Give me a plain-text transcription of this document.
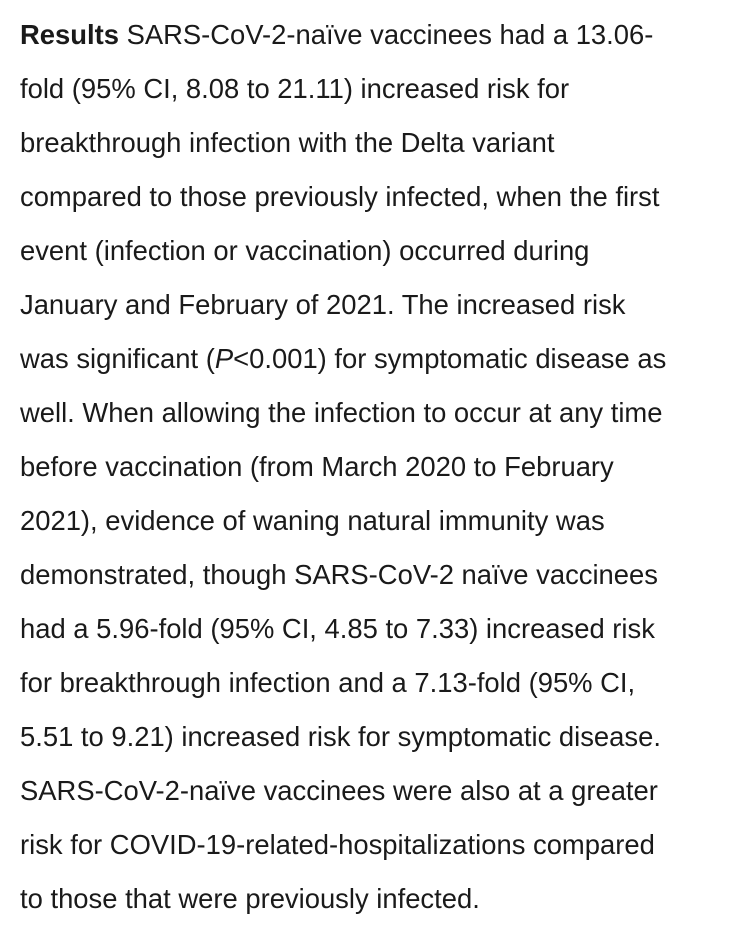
Results SARS-CoV-2-naïve vaccinees had a 13.06-
fold (95% CI, 8.08 to 21.11) increased risk for
breakthrough infection with the Delta variant
compared to those previously infected, when the first
event (infection or vaccination) occurred during
January and February of 2021. The increased risk
was significant (P<0.001) for symptomatic disease as
well. When allowing the infection to occur at any time
before vaccination (from March 2020 to February
2021), evidence of waning natural immunity was
demonstrated, though SARS-CoV-2 naïve vaccinees
had a 5.96-fold (95% CI, 4.85 to 7.33) increased risk
for breakthrough infection and a 7.13-fold (95% CI,
5.51 to 9.21) increased risk for symptomatic disease.
SARS-CoV-2-naïve vaccinees were also at a greater
risk for COVID-19-related-hospitalizations compared
to those that were previously infected.
